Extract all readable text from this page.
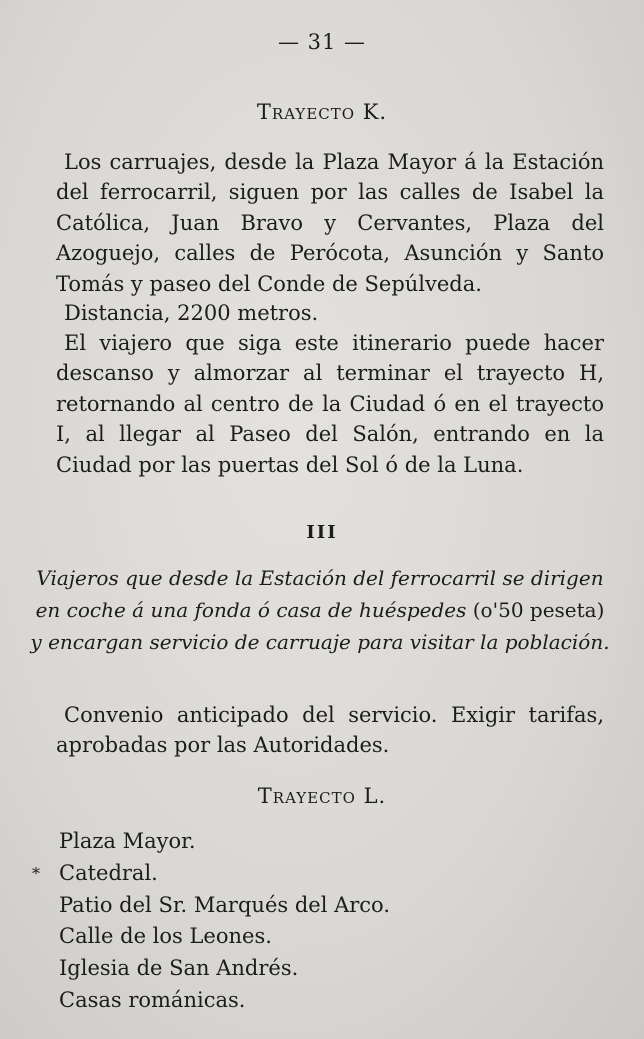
— 31 —
Trayecto K.

Los carruajes, desde la Plaza Mayor á la Estación del ferrocarril, siguen por las calles de Isabel la Católica, Juan Bravo y Cervantes, Plaza del Azoguejo, calles de Perócota, Asunción y Santo Tomás y paseo del Conde de Sepúlveda.

Distancia, 2200 metros.

El viajero que siga este itinerario puede hacer descanso y almorzar al terminar el trayecto H, retornando al centro de la Ciudad ó en el trayecto I, al llegar al Paseo del Salón, entrando en la Ciudad por las puertas del Sol ó de la Luna.

III
Viajeros que desde la Estación del ferrocarril se dirigen en coche á una fonda ó casa de huéspedes (o'50 peseta) y encargan servicio de carruaje para visitar la población.

Convenio anticipado del servicio. Exigir tarifas, aprobadas por las Autoridades.

Trayecto L.
Plaza Mayor.
* Catedral.
Patio del Sr. Marqués del Arco.
Calle de los Leones.
Iglesia de San Andrés.
Casas románicas.
